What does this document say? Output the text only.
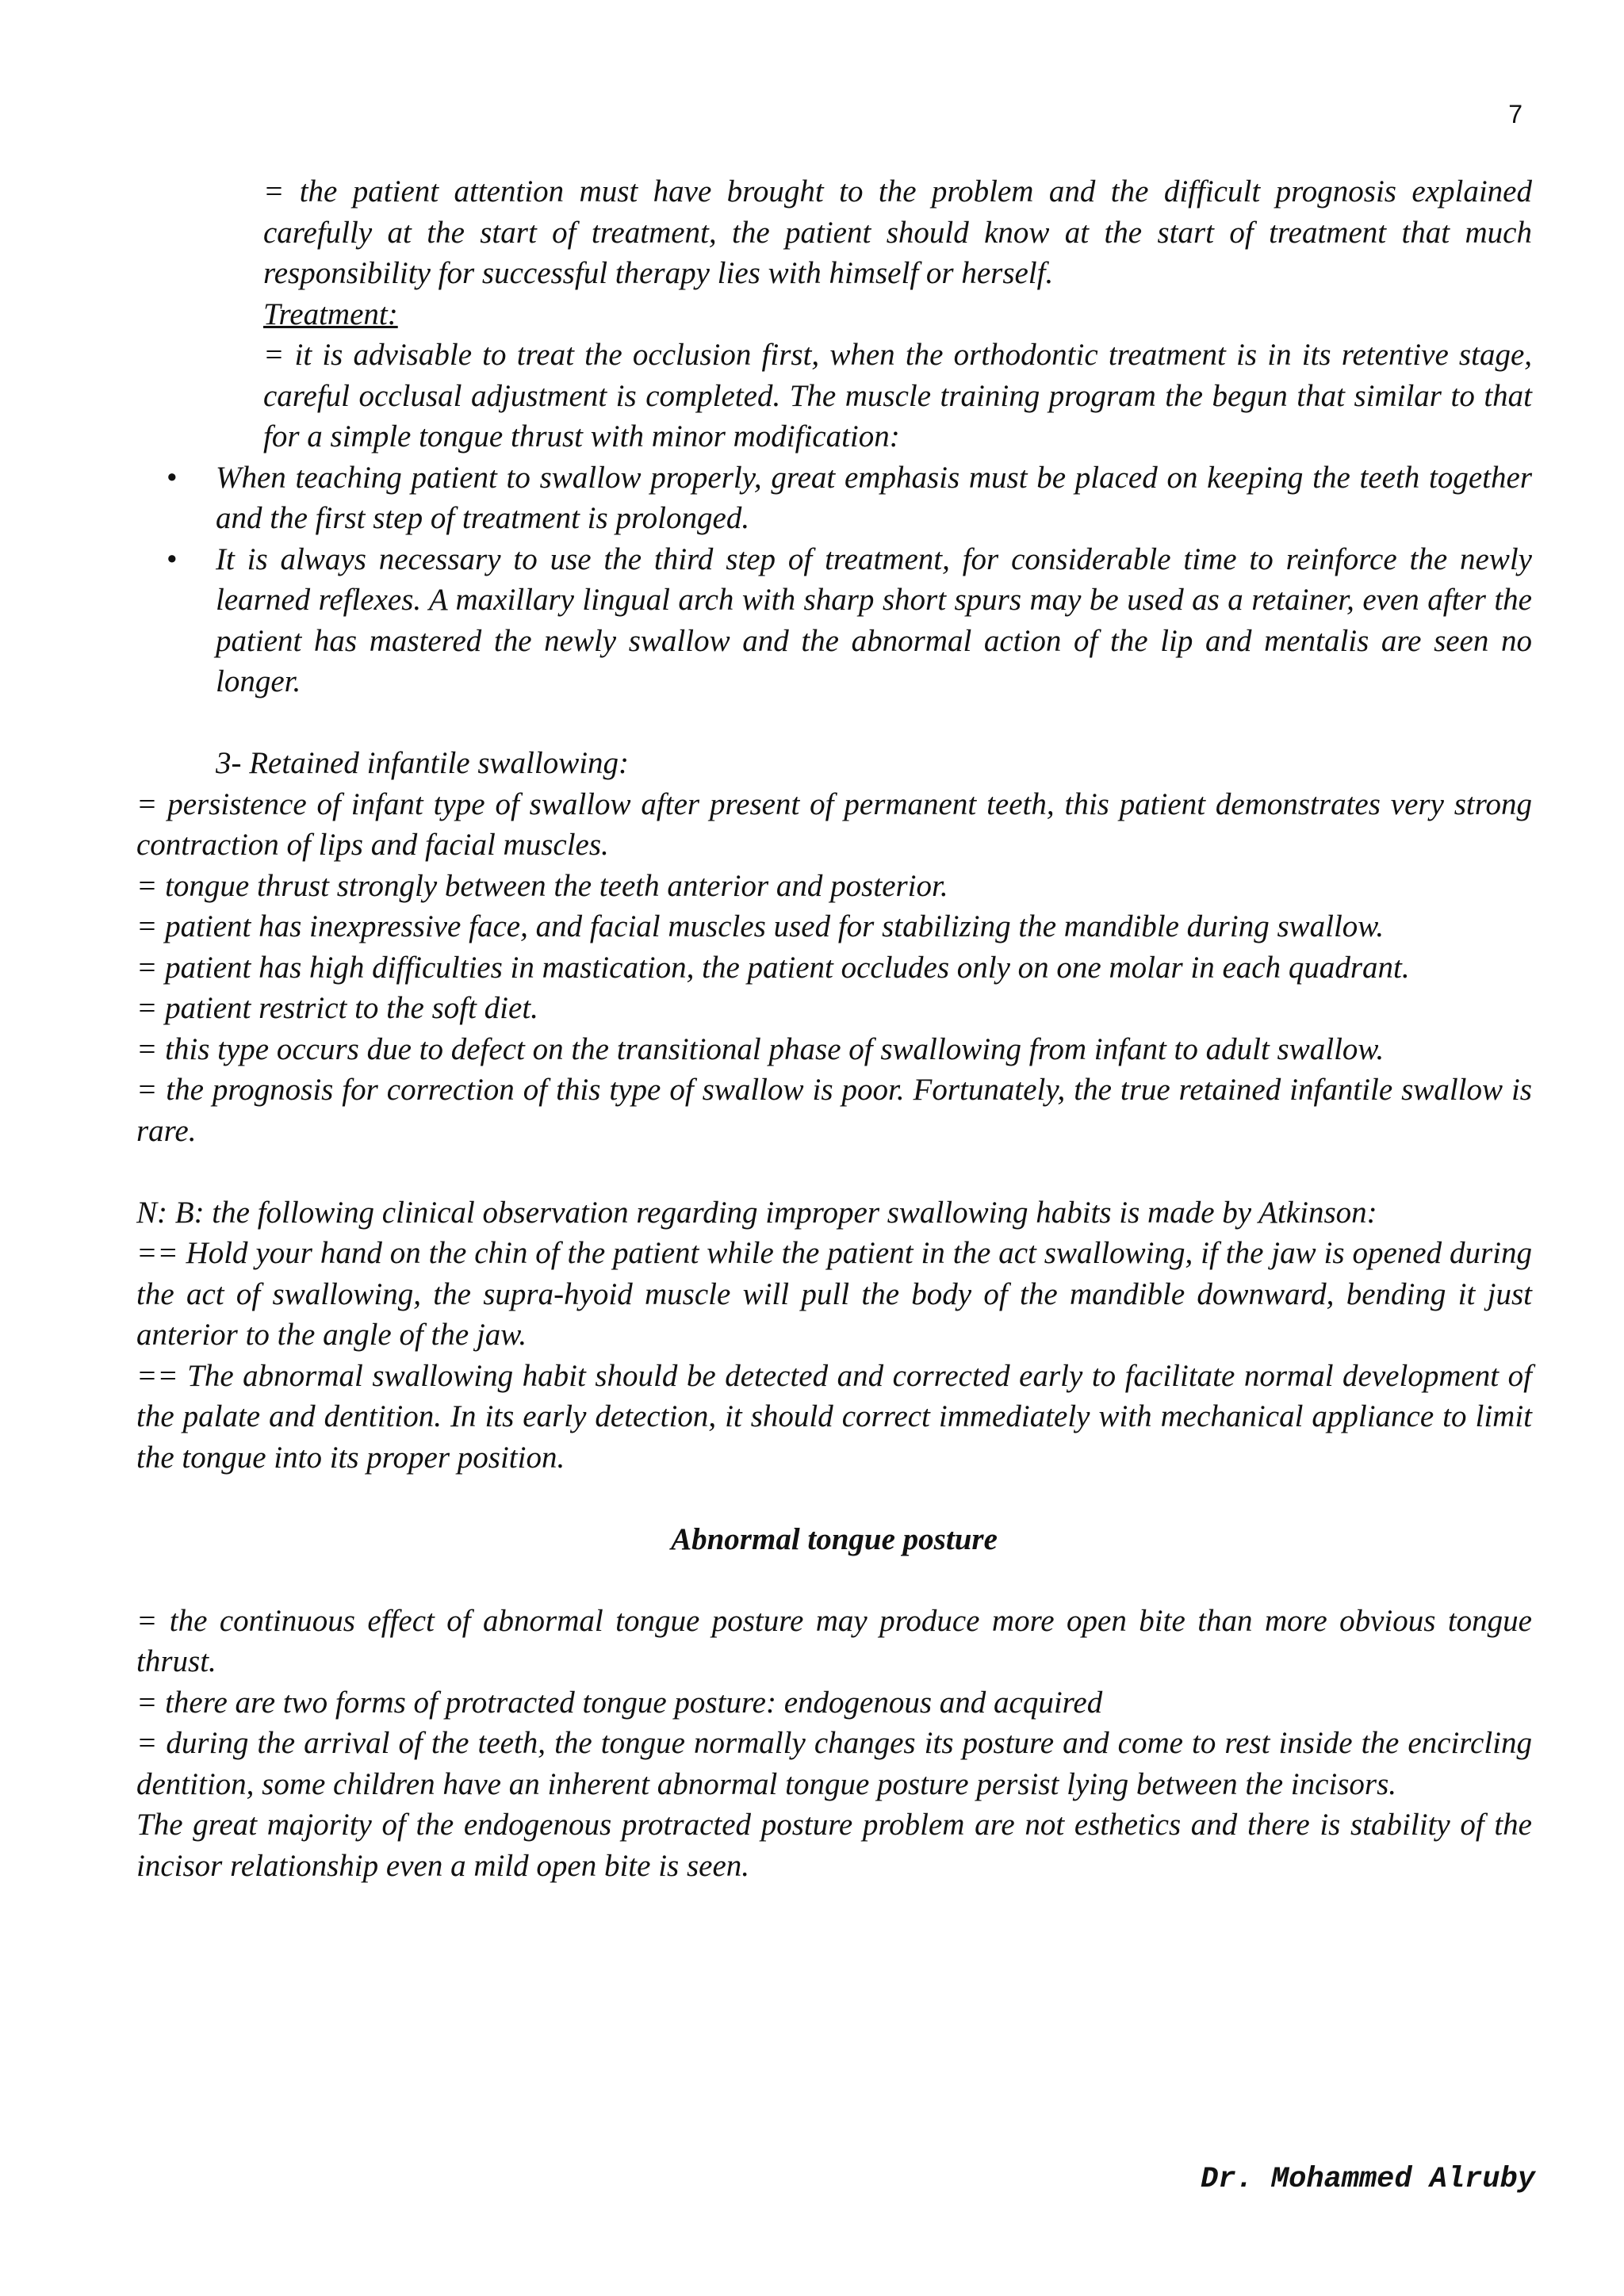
7

= the patient attention must have brought to the problem and the difficult prognosis explained carefully at the start of treatment, the patient should know at the start of treatment that much responsibility for successful therapy lies with himself or herself.

Treatment:

= it is advisable to treat the occlusion first, when the orthodontic treatment is in its retentive stage, careful occlusal adjustment is completed. The muscle training program the begun that similar to that for a simple tongue thrust with minor modification:

• When teaching patient to swallow properly, great emphasis must be placed on keeping the teeth together and the first step of treatment is prolonged.
• It is always necessary to use the third step of treatment, for considerable time to reinforce the newly learned reflexes. A maxillary lingual arch with sharp short spurs may be used as a retainer, even after the patient has mastered the newly swallow and the abnormal action of the lip and mentalis are seen no longer.

3- Retained infantile swallowing:

= persistence of infant type of swallow after present of permanent teeth, this patient demonstrates very strong contraction of lips and facial muscles.

= tongue thrust strongly between the teeth anterior and posterior.

= patient has inexpressive face, and facial muscles used for stabilizing the mandible during swallow.

= patient has high difficulties in mastication, the patient occludes only on one molar in each quadrant.

= patient restrict to the soft diet.

= this type occurs due to defect on the transitional phase of swallowing from infant to adult swallow.

= the prognosis for correction of this type of swallow is poor. Fortunately, the true retained infantile swallow is rare.

N: B: the following clinical observation regarding improper swallowing habits is made by Atkinson:

== Hold your hand on the chin of the patient while the patient in the act swallowing, if the jaw is opened during the act of swallowing, the supra-hyoid muscle will pull the body of the mandible downward, bending it just anterior to the angle of the jaw.

== The abnormal swallowing habit should be detected and corrected early to facilitate normal development of the palate and dentition. In its early detection, it should correct immediately with mechanical appliance to limit the tongue into its proper position.

Abnormal tongue posture

= the continuous effect of abnormal tongue posture may produce more open bite than more obvious tongue thrust.

= there are two forms of protracted tongue posture: endogenous and acquired

= during the arrival of the teeth, the tongue normally changes its posture and come to rest inside the encircling dentition, some children have an inherent abnormal tongue posture persist lying between the incisors.

The great majority of the endogenous protracted posture problem are not esthetics and there is stability of the incisor relationship even a mild open bite is seen.

Dr. Mohammed Alruby
